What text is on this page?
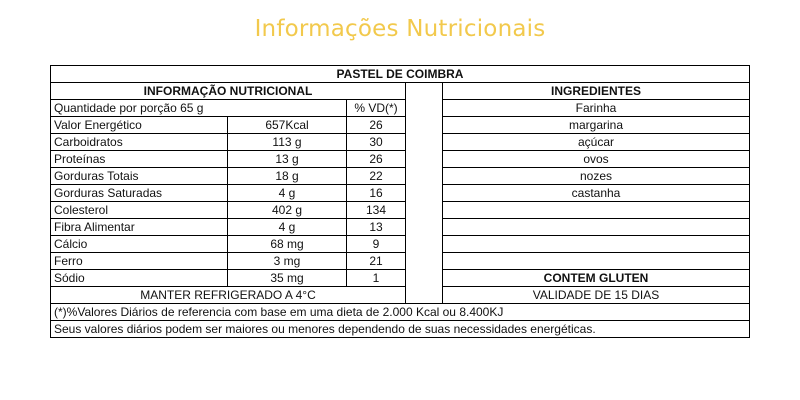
Informações Nutricionais
PASTEL DE COIMBRA				
INFORMAÇÃO NUTRICIONAL				INGREDIENTES
Quantidade por porção 65 g		% VD(*)		Farinha
Valor Energético	657Kcal	26		margarina
Carboidratos	113 g	30		açúcar
Proteínas	13 g	26		ovos
Gorduras Totais	18 g	22		nozes
Gorduras Saturadas	4 g	16		castanha
Colesterol	402 g	134		
Fibra Alimentar	4 g	13		
Cálcio	68 mg	9		
Ferro	3 mg	21		
Sódio	35 mg	1		CONTEM GLUTEN
MANTER REFRIGERADO A 4°C				VALIDADE DE 15 DIAS
(*)%Valores Diários de referencia com base em uma dieta de 2.000 Kcal ou 8.400KJ				
Seus valores diários podem ser maiores ou menores dependendo de suas necessidades energéticas.				
